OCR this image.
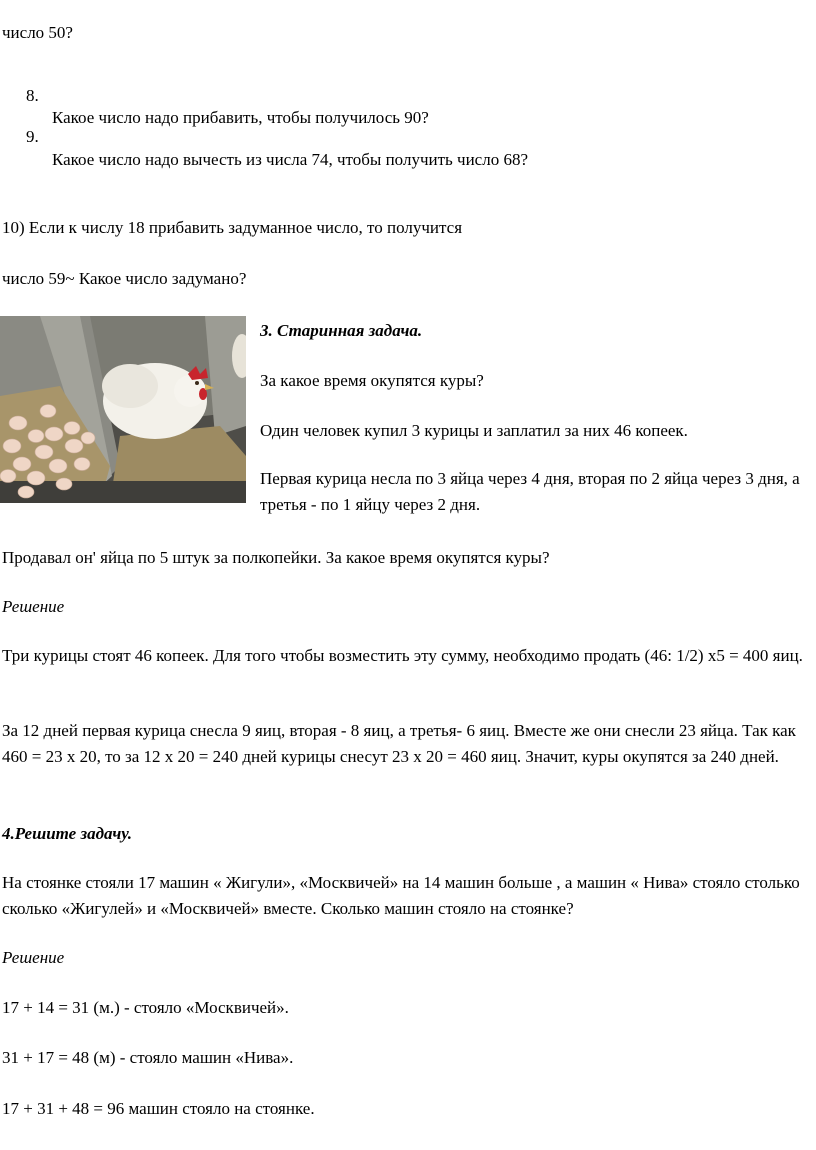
число 50?
8.
Какое число надо прибавить, чтобы получилось 90?
9.
Какое число надо вычесть из числа 74, чтобы получить число 68?
10) Если к числу 18 прибавить задуманное число, то получится
число 59~ Какое число задумано?
3. Старинная задача.
За какое время окупятся куры?
Один человек купил 3 курицы и заплатил за них 46 копеек.
Первая курица несла по 3 яйца через 4 дня, вторая по 2 яйца через 3 дня, а третья - по 1 яйцу через 2 дня.
Продавал он' яйца по 5 штук за полкопейки. За какое время окупятся куры?
Решение
Три курицы стоят 46 копеек. Для того чтобы возместить эту сумму, необходимо продать (46: 1/2) х5 = 400 яиц.
За 12 дней первая курица снесла 9 яиц, вторая - 8 яиц, а третья- 6 яиц. Вместе же они снесли 23 яйца. Так как 460 = 23 х 20, то за 12 х 20 = 240 дней курицы снесут 23 х 20 = 460 яиц. Значит, куры окупятся за 240 дней.
4.Решите задачу.
На стоянке стояли 17 машин « Жигули», «Москвичей» на 14 машин больше , а машин « Нива» стояло столько сколько «Жигулей» и «Москвичей» вместе. Сколько машин стояло на стоянке?
Решение
17 + 14 = 31 (м.) - стояло «Москвичей».
31 + 17 = 48 (м) - стояло машин «Нива».
17 + 31 + 48 = 96 машин стояло на стоянке.
